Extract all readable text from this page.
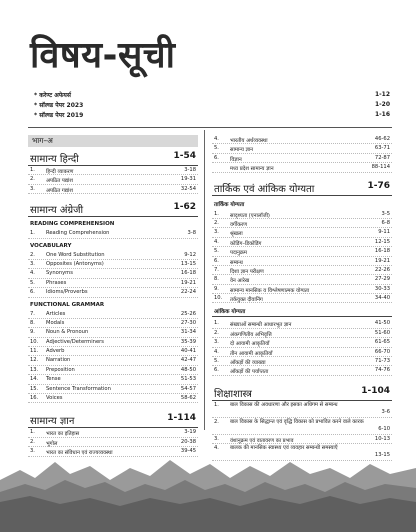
विषय-सूची
* करेण्ट अफेयर्स	1-12
* सॉल्व्ड पेपर 2023	1-20
* सॉल्व्ड पेपर 2019	1-16
भाग–अ
सामान्य हिन्दी	1-54
1. हिन्दी व्याकरण	3-18
2. अपठित पद्यांश	19-31
3. अपठित गद्यांश	32-54
सामान्य अंग्रेजी	1-62
READING COMPREHENSION
1. Reading Comprehension	3-8
VOCABULARY
2. One Word Substitution	9-12
3. Opposites (Antonyms)	13-15
4. Synonyms	16-18
5. Phrases	19-21
6. Idioms/Proverbs	22-24
FUNCTIONAL GRAMMAR
7. Articles	25-26
8. Modals	27-30
9. Noun & Pronoun	31-34
10. Adjective/Determiners	35-39
11. Adverb	40-41
12. Narration	42-47
13. Preposition	48-50
14. Tense	51-53
15. Sentence Transformation	54-57
16. Voices	58-62
सामान्य ज्ञान	1-114
1. भारत का इतिहास	3-19
2. भूगोल	20-38
3. भारत का संविधान एवं राज्यव्यवस्था	39-45
4. भारतीय अर्थव्यवस्था	46-62
5. सामान्य ज्ञान	63-71
6. विज्ञान	72-87
मध्य प्रदेश सामान्य ज्ञान	88-114
तार्किक एवं आंकिक योग्यता	1-76
तार्किक योग्यता
1. सादृश्यता (एनालॉजी)	3-5
2. वर्गीकरण	6-8
3. श्रृंखला	9-11
4. कोडिंग–डिकोडिंग	12-15
5. पदानुक्रम	16-18
6. सम्बन्ध	19-21
7. दिशा ज्ञान परीक्षण	22-26
8. वेन आरेख	27-29
9. सामान्य मानसिक व विश्लेषणात्मक योग्यता	30-33
10. तर्कयुक्त दीवानिंग	34-40
आंकिक योग्यता
1. संख्याओं सम्बन्धी आधारभूत ज्ञान	41-50
2. अंकगणितीय अभिवृत्ति	51-60
3. दो आयामी आकृतियाँ	61-65
4. तीन आयामी आकृतियाँ	66-70
5. आँकड़ों की व्याख्या	71-73
6. आँकड़ों की पर्याप्तता	74-76
शिक्षाशास्त्र	1-104
1. बाल विकास की अवधारणा और इसका अधिगम से सम्बन्ध
3-6
2. बाल विकास के सिद्धान्त एवं वृद्धि विकास को प्रभावित करने वाले कारक
6-10
3. वंशानुक्रम एवं वातावरण का प्रभाव	10-13
4. बालक की मानसिक स्वास्थ्य एवं व्यवहार सम्बन्धी समस्याएँ
13-15
